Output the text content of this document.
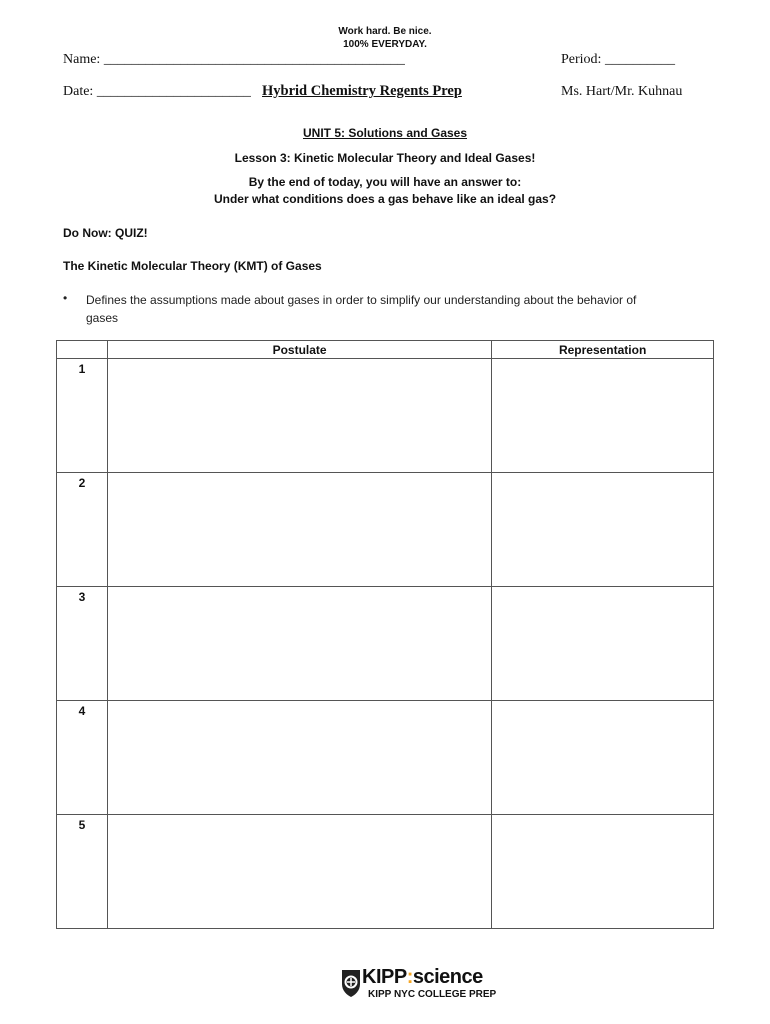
Work hard. Be nice.
100% EVERYDAY.
Name: ___________________________________________	Period: __________
Date: ______________________ Hybrid Chemistry Regents Prep	Ms. Hart/Mr. Kuhnau
UNIT 5: Solutions and Gases
Lesson 3: Kinetic Molecular Theory and Ideal Gases!
By the end of today, you will have an answer to:
Under what conditions does a gas behave like an ideal gas?
Do Now: QUIZ!
The Kinetic Molecular Theory (KMT) of Gases
• Defines the assumptions made about gases in order to simplify our understanding about the behavior of
gases
	Postulate	Representation
1		
2		
3		
4		
5		
KIPP:science
KIPP NYC COLLEGE PREP
